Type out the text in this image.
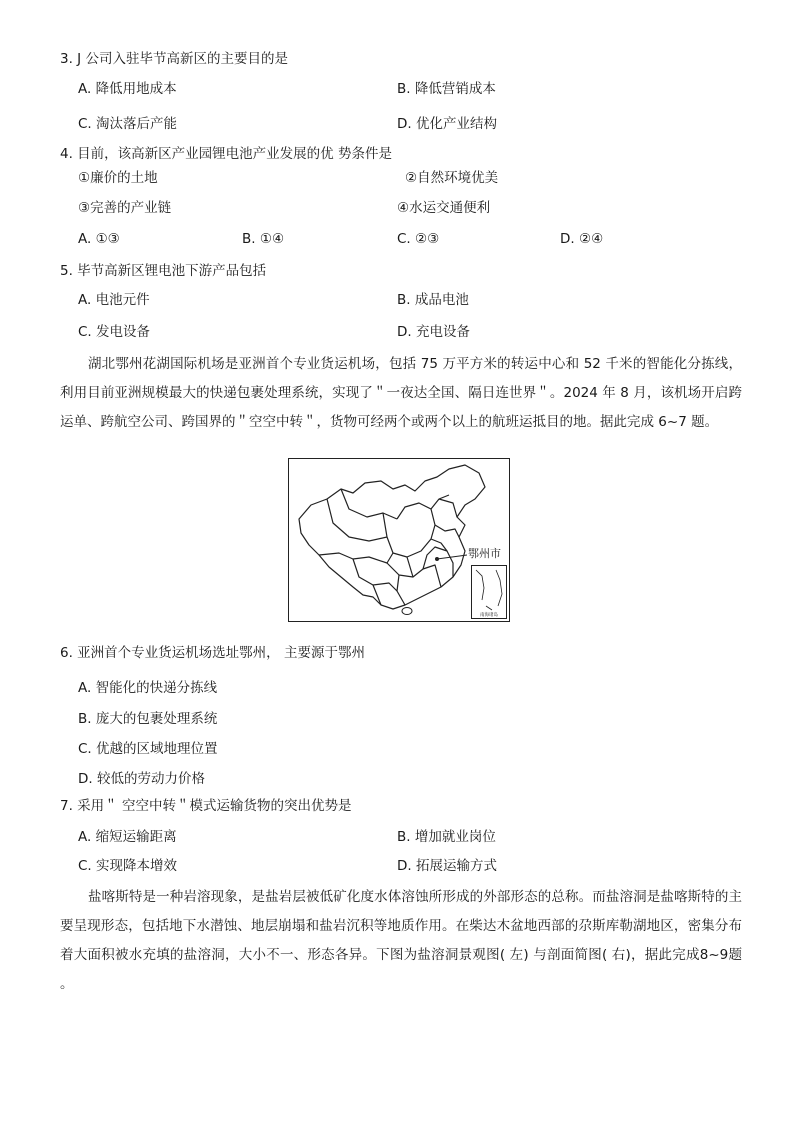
3. J 公司入驻毕节高新区的主要目的是
A. 降低用地成本	B. 降低营销成本
C. 淘汰落后产能	D. 优化产业结构
4. 目前，该高新区产业园锂电池产业发展的优 势条件是
①廉价的土地	②自然环境优美
③完善的产业链	④水运交通便利
A. ①③	B. ①④	C. ②③	D. ②④
5. 毕节高新区锂电池下游产品包括
A. 电池元件	B. 成品电池
C. 发电设备	D. 充电设备
湖北鄂州花湖国际机场是亚洲首个专业货运机场，包括 75 万平方米的转运中心和 52 千米的智能化分拣线，利用目前亚洲规模最大的快递包裹处理系统，实现了＂一夜达全国、隔日连世界＂。2024 年 8 月，该机场开启跨运单、跨航空公司、跨国界的＂空空中转＂，货物可经两个或两个以上的航班运抵目的地。据此完成 6~7 题。
鄂州市
南海诸岛
6. 亚洲首个专业货运机场选址鄂州， 主要源于鄂州
A. 智能化的快递分拣线
B. 庞大的包裹处理系统
C. 优越的区域地理位置
D. 较低的劳动力价格
7. 采用＂ 空空中转＂模式运输货物的突出优势是
A. 缩短运输距离	B. 增加就业岗位
C. 实现降本增效	D. 拓展运输方式
盐喀斯特是一种岩溶现象，是盐岩层被低矿化度水体溶蚀所形成的外部形态的总称。而盐溶洞是盐喀斯特的主要呈现形态，包括地下水潜蚀、地层崩塌和盐岩沉积等地质作用。在柴达木盆地西部的尕斯库勒湖地区，密集分布着大面积被水充填的盐溶洞，大小不一、形态各异。下图为盐溶洞景观图( 左) 与剖面简图( 右)，据此完成8~9题 。
